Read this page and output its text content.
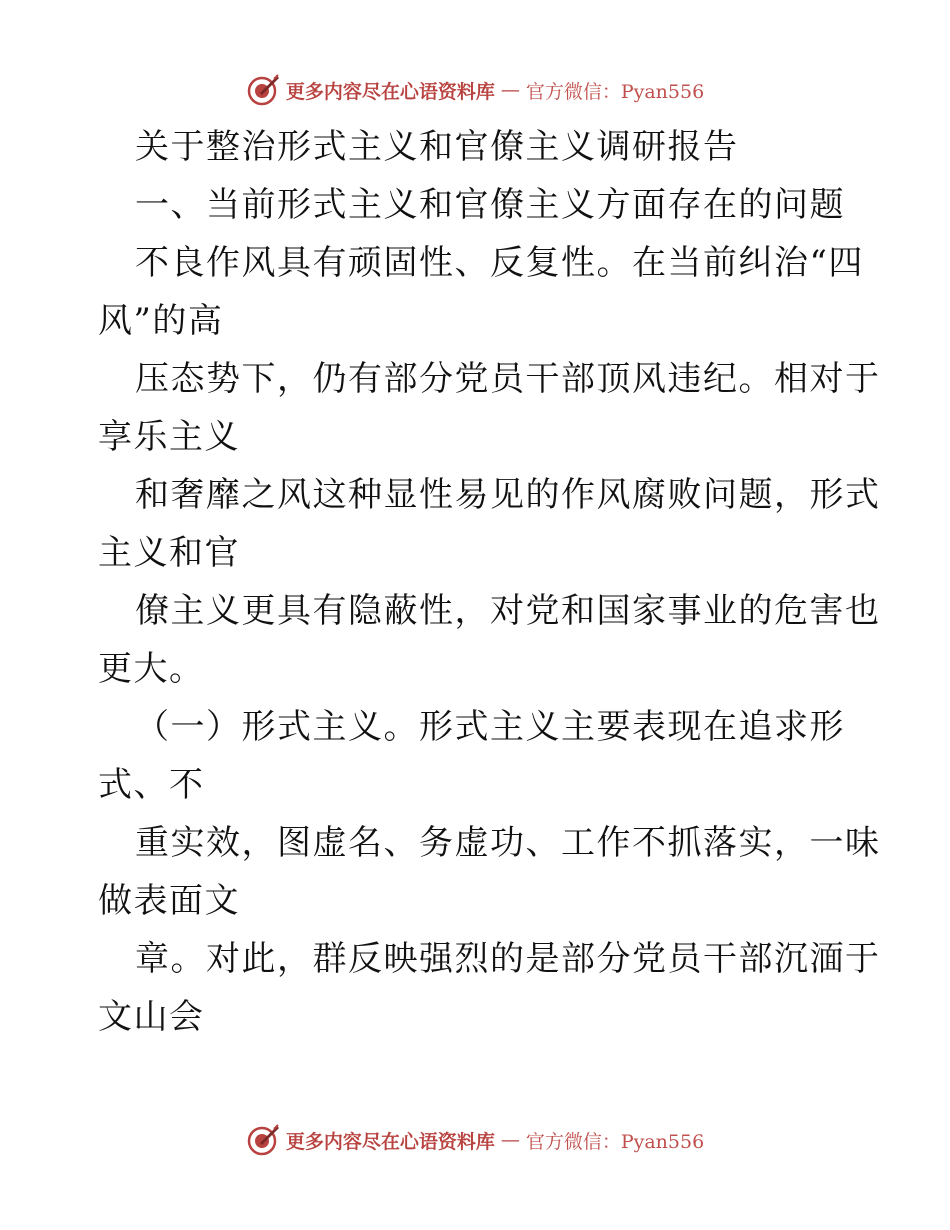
更多内容尽在心语资料库 — 官方微信：Pyan556
关于整治形式主义和官僚主义调研报告
一、当前形式主义和官僚主义方面存在的问题
不良作风具有顽固性、反复性。在当前纠治“四
风”的高
压态势下，仍有部分党员干部顶风违纪。相对于
享乐主义
和奢靡之风这种显性易见的作风腐败问题，形式
主义和官
僚主义更具有隐蔽性，对党和国家事业的危害也
更大。
（一）形式主义。形式主义主要表现在追求形
式、不
重实效，图虚名、务虚功、工作不抓落实，一味
做表面文
章。对此，群反映强烈的是部分党员干部沉湎于
文山会
更多内容尽在心语资料库 — 官方微信：Pyan556
